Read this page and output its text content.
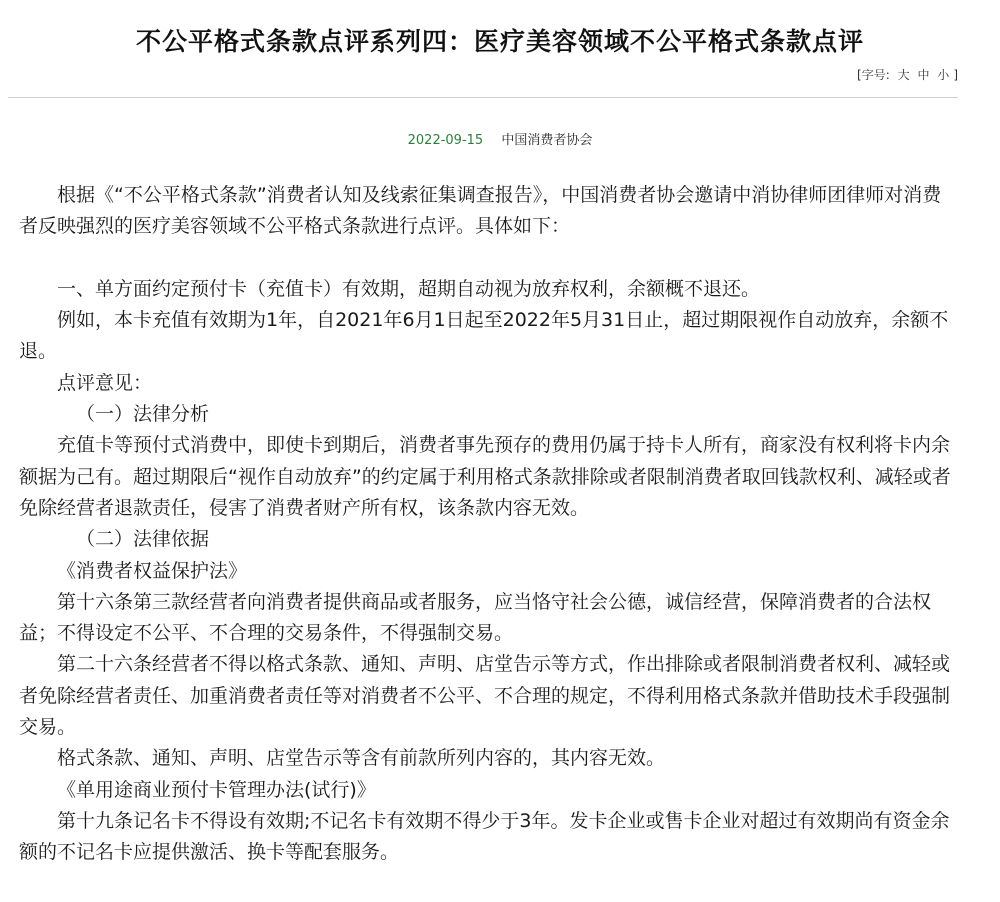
不公平格式条款点评系列四：医疗美容领域不公平格式条款点评
[字号: 大 中 小 ]
2022-09-15 中国消费者协会

根据《“不公平格式条款”消费者认知及线索征集调查报告》，中国消费者协会邀请中消协律师团律师对消费者反映强烈的医疗美容领域不公平格式条款进行点评。具体如下：

一、单方面约定预付卡（充值卡）有效期，超期自动视为放弃权利，余额概不退还。

例如，本卡充值有效期为1年，自2021年6月1日起至2022年5月31日止，超过期限视作自动放弃，余额不退。

点评意见：

（一）法律分析

充值卡等预付式消费中，即使卡到期后，消费者事先预存的费用仍属于持卡人所有，商家没有权利将卡内余额据为己有。超过期限后“视作自动放弃”的约定属于利用格式条款排除或者限制消费者取回钱款权利、减轻或者免除经营者退款责任，侵害了消费者财产所有权，该条款内容无效。

（二）法律依据

《消费者权益保护法》

第十六条第三款经营者向消费者提供商品或者服务，应当恪守社会公德，诚信经营，保障消费者的合法权益；不得设定不公平、不合理的交易条件，不得强制交易。

第二十六条经营者不得以格式条款、通知、声明、店堂告示等方式，作出排除或者限制消费者权利、减轻或者免除经营者责任、加重消费者责任等对消费者不公平、不合理的规定，不得利用格式条款并借助技术手段强制交易。

格式条款、通知、声明、店堂告示等含有前款所列内容的，其内容无效。

《单用途商业预付卡管理办法(试行)》

第十九条记名卡不得设有效期;不记名卡有效期不得少于3年。发卡企业或售卡企业对超过有效期尚有资金余额的不记名卡应提供激活、换卡等配套服务。
